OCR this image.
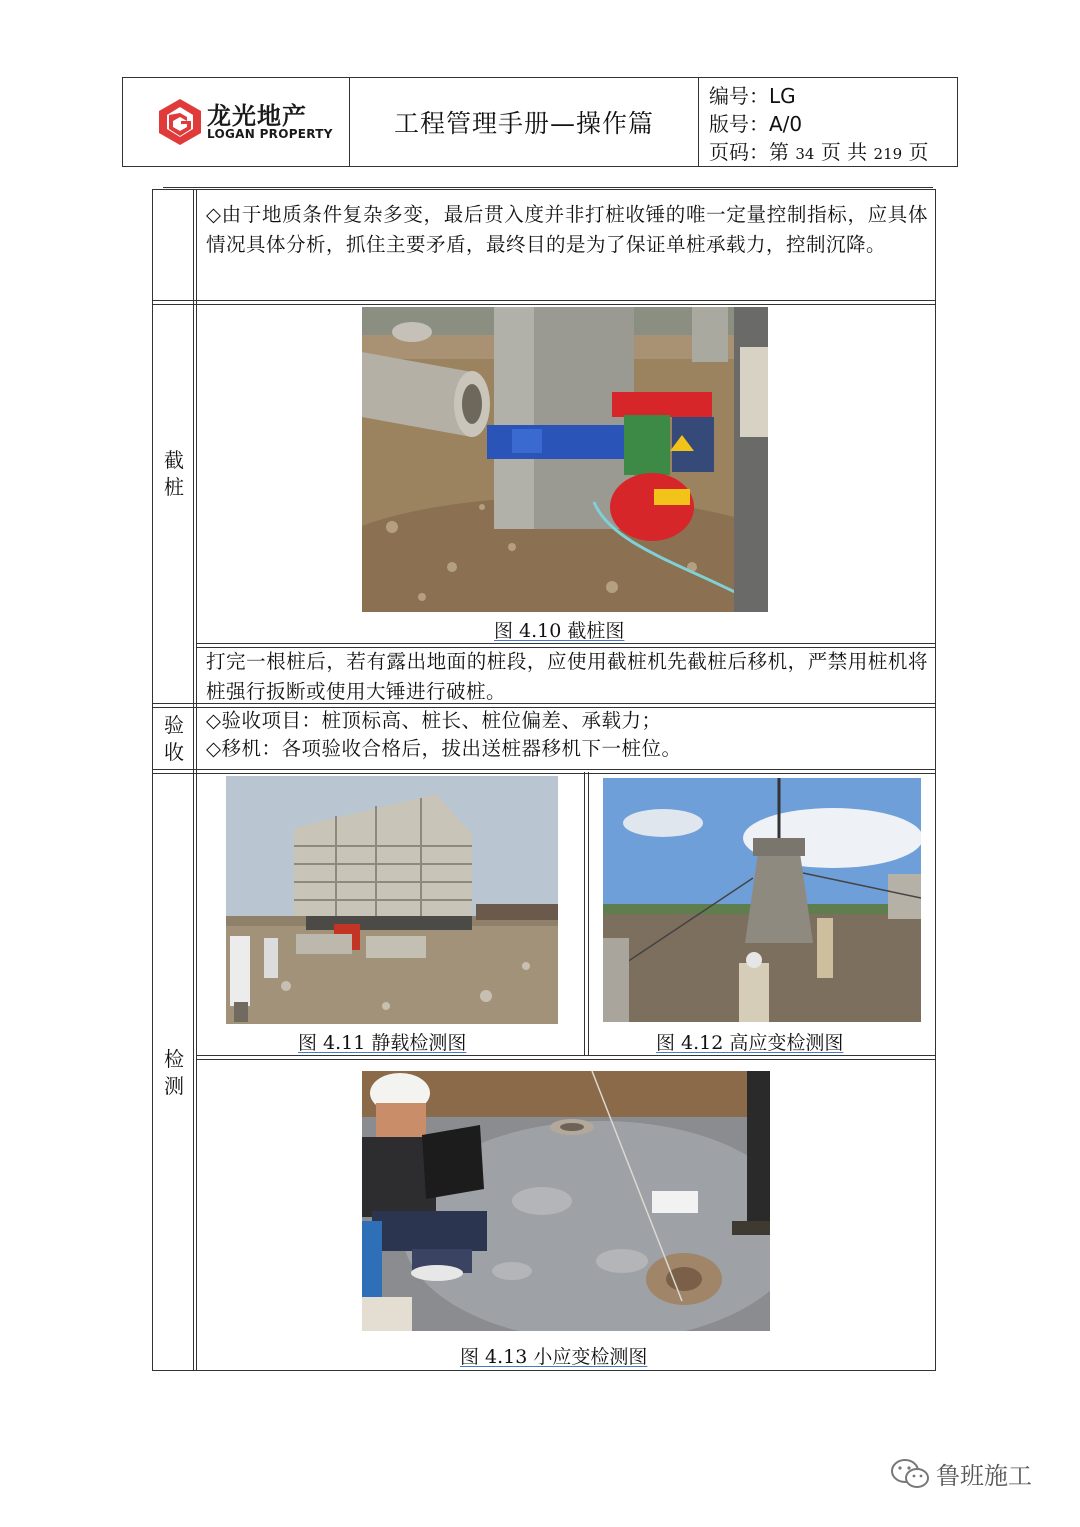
龙光地产
LOGAN PROPERTY	工程管理手册—操作篇
编号：LG
版号：A/0
页码：第 34 页 共 219 页
◇由于地质条件复杂多变，最后贯入度并非打桩收锤的唯一定量控制指标，应具体情况具体分析，抓住主要矛盾，最终目的是为了保证单桩承载力，控制沉降。
截
桩
图 4.10 截桩图
打完一根桩后，若有露出地面的桩段，应使用截桩机先截桩后移机，严禁用桩机将桩强行扳断或使用大锤进行破桩。
验
收
◇验收项目：桩顶标高、桩长、桩位偏差、承载力；
◇移机：各项验收合格后，拔出送桩器移机下一桩位。
检
测
图 4.11 静载检测图	图 4.12 高应变检测图
图 4.13 小应变检测图
鲁班施工
